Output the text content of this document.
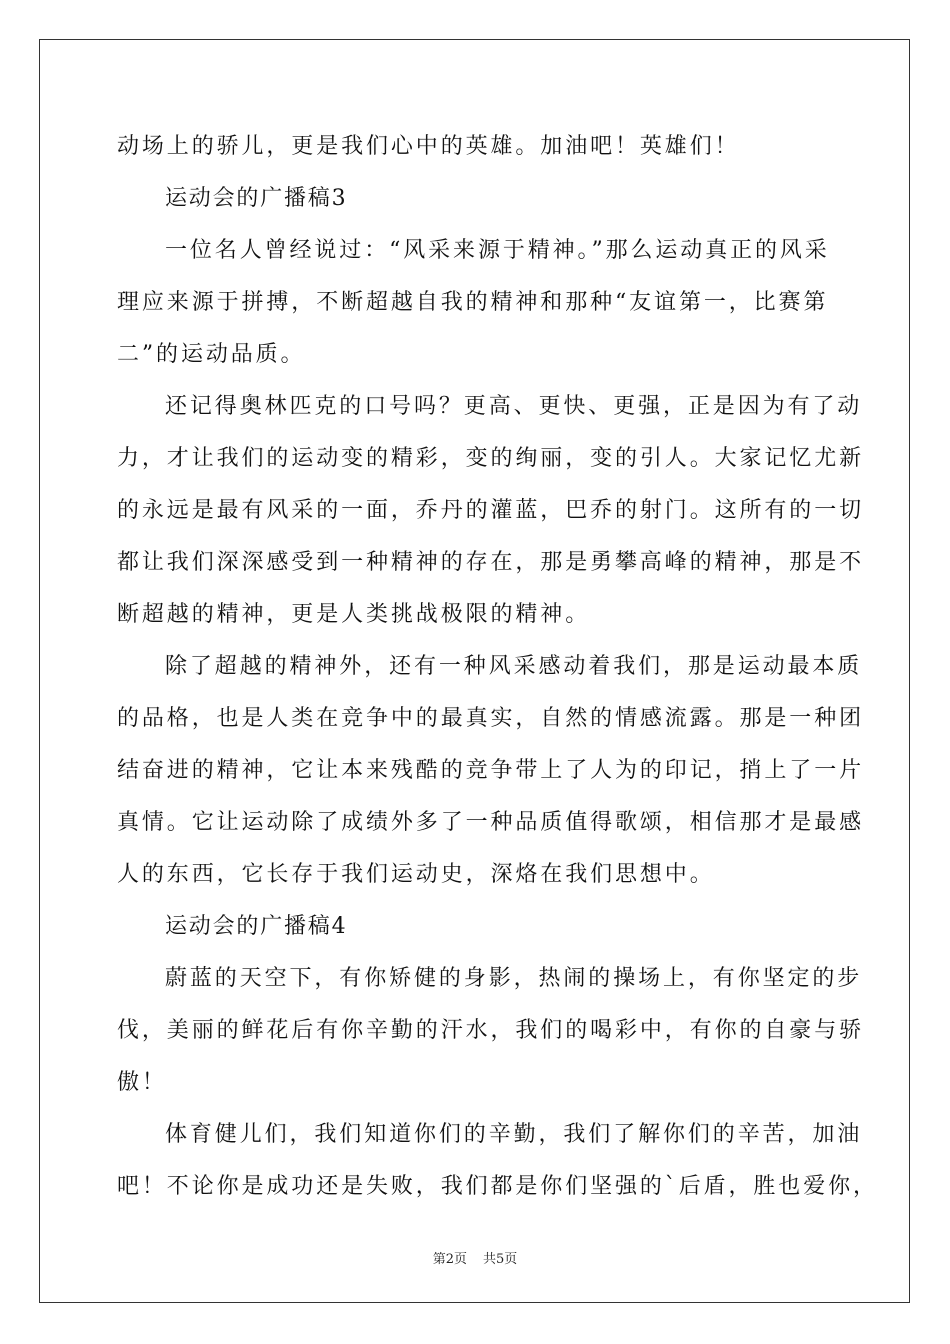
动场上的骄儿，更是我们心中的英雄。加油吧！英雄们！
运动会的广播稿3
一位名人曾经说过：“风采来源于精神。”那么运动真正的风采
理应来源于拼搏，不断超越自我的精神和那种“友谊第一，比赛第
二”的运动品质。
还记得奥林匹克的口号吗？更高、更快、更强，正是因为有了动
力，才让我们的运动变的精彩，变的绚丽，变的引人。大家记忆尤新
的永远是最有风采的一面，乔丹的灌蓝，巴乔的射门。这所有的一切
都让我们深深感受到一种精神的存在，那是勇攀高峰的精神，那是不
断超越的精神，更是人类挑战极限的精神。
除了超越的精神外，还有一种风采感动着我们，那是运动最本质
的品格，也是人类在竞争中的最真实，自然的情感流露。那是一种团
结奋进的精神，它让本来残酷的竞争带上了人为的印记，捎上了一片
真情。它让运动除了成绩外多了一种品质值得歌颂，相信那才是最感
人的东西，它长存于我们运动史，深烙在我们思想中。
运动会的广播稿4
蔚蓝的天空下，有你矫健的身影，热闹的操场上，有你坚定的步
伐，美丽的鲜花后有你辛勤的汗水，我们的喝彩中，有你的自豪与骄
傲！
体育健儿们，我们知道你们的辛勤，我们了解你们的辛苦，加油
吧！不论你是成功还是失败，我们都是你们坚强的`后盾，胜也爱你，
第2页 共5页
